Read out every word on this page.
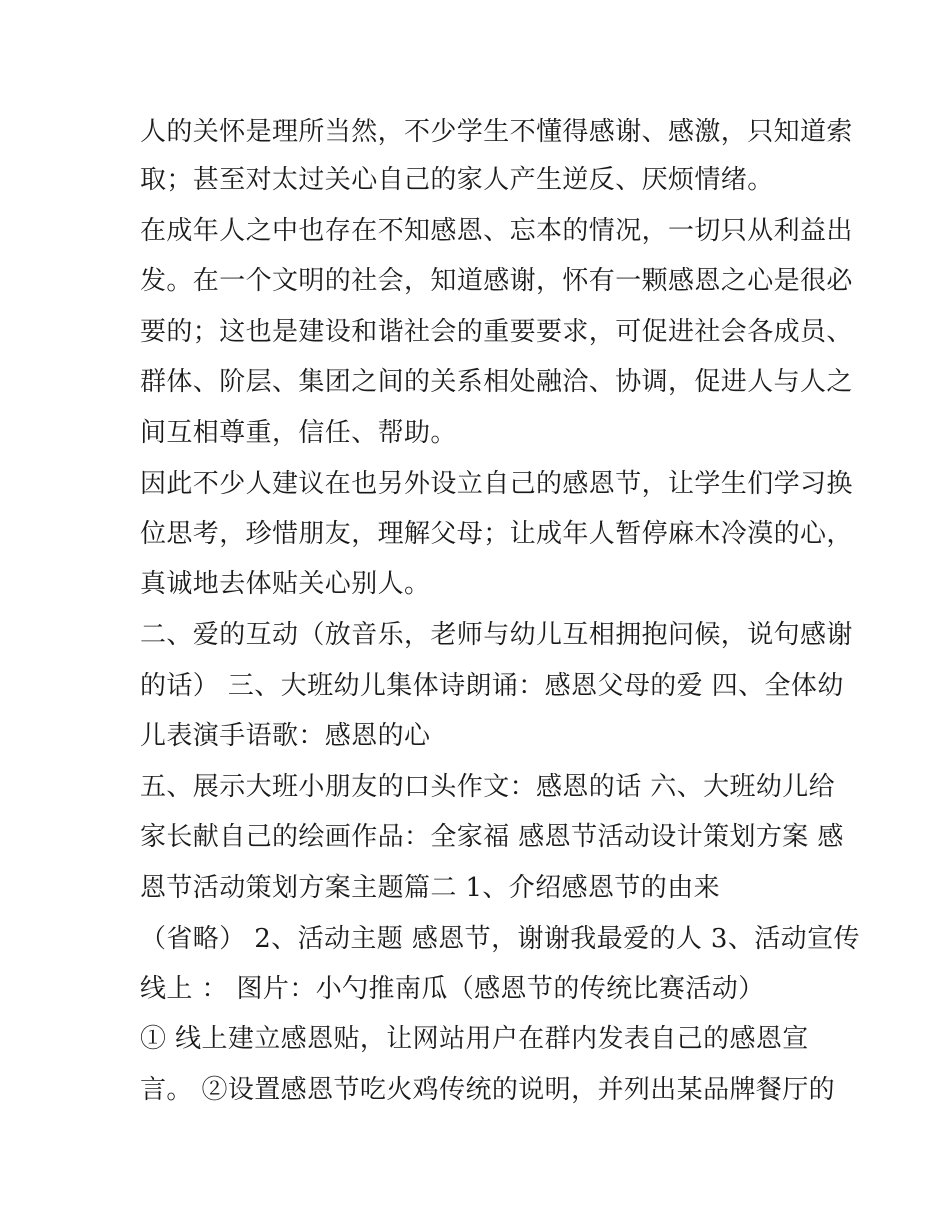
人的关怀是理所当然，不少学生不懂得感谢、感激，只知道索
取；甚至对太过关心自己的家人产生逆反、厌烦情绪。
在成年人之中也存在不知感恩、忘本的情况，一切只从利益出
发。在一个文明的社会，知道感谢，怀有一颗感恩之心是很必
要的；这也是建设和谐社会的重要要求，可促进社会各成员、
群体、阶层、集团之间的关系相处融洽、协调，促进人与人之
间互相尊重，信任、帮助。
因此不少人建议在也另外设立自己的感恩节，让学生们学习换
位思考，珍惜朋友，理解父母；让成年人暂停麻木冷漠的心，
真诚地去体贴关心别人。
二、爱的互动（放音乐，老师与幼儿互相拥抱问候，说句感谢
的话） 三、大班幼儿集体诗朗诵：感恩父母的爱 四、全体幼
儿表演手语歌：感恩的心
五、展示大班小朋友的口头作文：感恩的话 六、大班幼儿给
家长献自己的绘画作品：全家福 感恩节活动设计策划方案 感
恩节活动策划方案主题篇二 1、介绍感恩节的由来
（省略） 2、活动主题 感恩节，谢谢我最爱的人 3、活动宣传
线上 ： 图片：小勺推南瓜（感恩节的传统比赛活动）
① 线上建立感恩贴，让网站用户在群内发表自己的感恩宣
言。 ②设置感恩节吃火鸡传统的说明，并列出某品牌餐厅的
